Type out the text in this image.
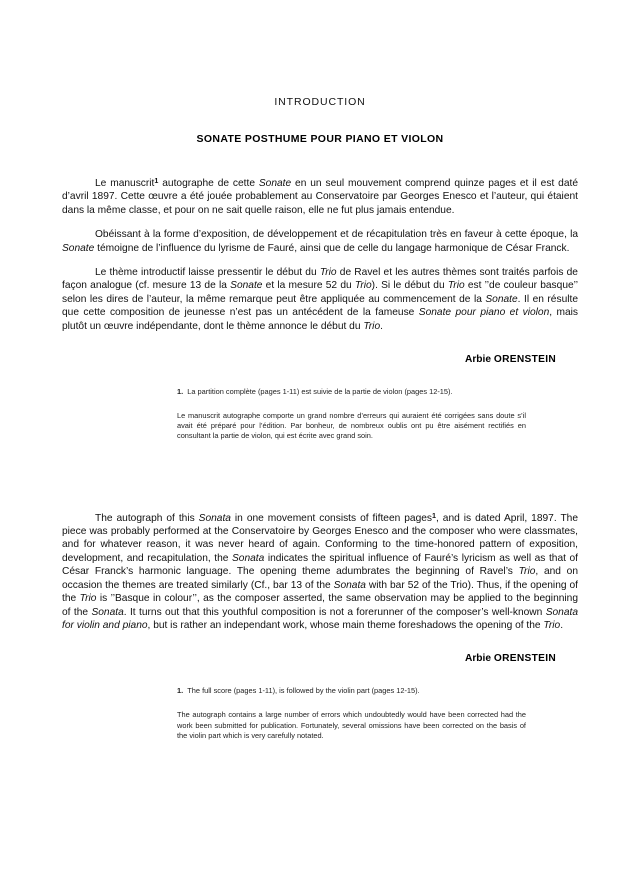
INTRODUCTION
SONATE POSTHUME POUR PIANO ET VIOLON

Le manuscrit$^1$ autographe de cette Sonate en un seul mouvement comprend quinze pages et il est daté d’avril 1897. Cette œuvre a été jouée probablement au Conservatoire par Georges Enesco et l’auteur, qui étaient dans la même classe, et pour on ne sait quelle raison, elle ne fut plus jamais entendue.

Obéissant à la forme d’exposition, de développement et de récapitulation très en faveur à cette époque, la Sonate témoigne de l’influence du lyrisme de Fauré, ainsi que de celle du langage harmonique de César Franck.

Le thème introductif laisse pressentir le début du Trio de Ravel et les autres thèmes sont traités parfois de façon analogue (cf. mesure 13 de la Sonate et la mesure 52 du Trio). Si le début du Trio est ’’de couleur basque’’ selon les dires de l’auteur, la même remarque peut être appliquée au commencement de la Sonate. Il en résulte que cette composition de jeunesse n’est pas un antécédent de la fameuse Sonate pour piano et violon, mais plutôt un œuvre indépendante, dont le thème annonce le début du Trio.

Arbie ORENSTEIN

1. La partition complète (pages 1-11) est suivie de la partie de violon (pages 12-15).

Le manuscrit autographe comporte un grand nombre d’erreurs qui auraient été corrigées sans doute s’il avait été préparé pour l’édition. Par bonheur, de nombreux oublis ont pu être aisément rectifiés en consultant la partie de violon, qui est écrite avec grand soin.

The autograph of this Sonata in one movement consists of fifteen pages$^1$, and is dated April, 1897. The piece was probably performed at the Conservatoire by Georges Enesco and the composer who were classmates, and for whatever reason, it was never heard of again. Conforming to the time-honored pattern of exposition, development, and recapitulation, the Sonata indicates the spiritual influence of Fauré’s lyricism as well as that of César Franck’s harmonic language. The opening theme adumbrates the beginning of Ravel’s Trio, and on occasion the themes are treated similarly (Cf., bar 13 of the Sonata with bar 52 of the Trio). Thus, if the opening of the Trio is ’’Basque in colour’’, as the composer asserted, the same observation may be applied to the beginning of the Sonata. It turns out that this youthful composition is not a forerunner of the composer’s well-known Sonata for violin and piano, but is rather an independant work, whose main theme foreshadows the opening of the Trio.

Arbie ORENSTEIN

1. The full score (pages 1-11), is followed by the violin part (pages 12-15).

The autograph contains a large number of errors which undoubtedly would have been corrected had the work been submitted for publication. Fortunately, several omissions have been corrected on the basis of the violin part which is very carefully notated.
